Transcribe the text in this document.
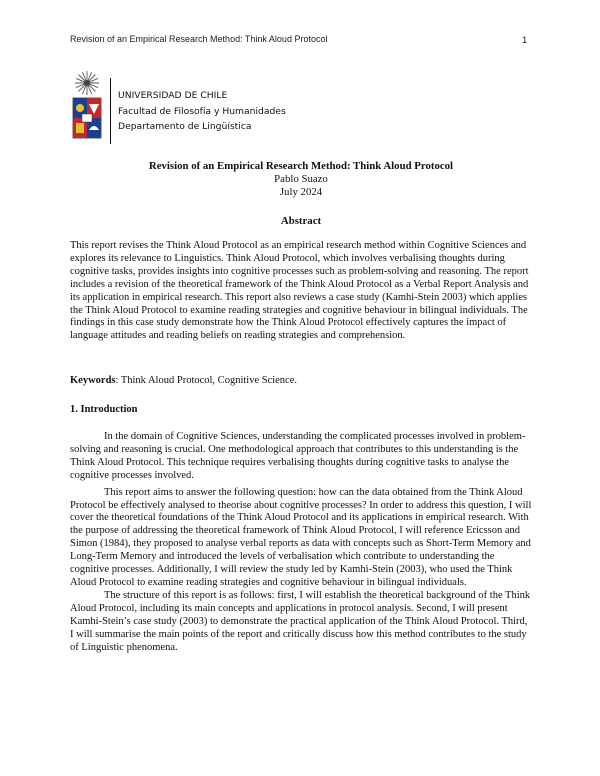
Revision of an Empirical Research Method: Think Aloud Protocol	1
UNIVERSIDAD DE CHILE
Facultad de Filosofía y Humanidades
Departamento de Lingüística
Revision of an Empirical Research Method: Think Aloud Protocol
Pablo Suazo
July 2024
Abstract

This report revises the Think Aloud Protocol as an empirical research method within Cognitive Sciences and explores its relevance to Linguistics. Think Aloud Protocol, which involves verbalising thoughts during cognitive tasks, provides insights into cognitive processes such as problem-solving and reasoning. The report includes a revision of the theoretical framework of the Think Aloud Protocol as a Verbal Report Analysis and its application in empirical research. This report also reviews a case study (Kamhi-Stein 2003) which applies the Think Aloud Protocol to examine reading strategies and cognitive behaviour in bilingual individuals. The findings in this case study demonstrate how the Think Aloud Protocol effectively captures the impact of language attitudes and reading beliefs on reading strategies and comprehension.

Keywords: Think Aloud Protocol, Cognitive Science.
1. Introduction

In the domain of Cognitive Sciences, understanding the complicated processes involved in problem-solving and reasoning is crucial. One methodological approach that contributes to this understanding is the Think Aloud Protocol. This technique requires verbalising thoughts during cognitive tasks to analyse the cognitive processes involved.

This report aims to answer the following question: how can the data obtained from the Think Aloud Protocol be effectively analysed to theorise about cognitive processes? In order to address this question, I will cover the theoretical foundations of the Think Aloud Protocol and its applications in empirical research. With the purpose of addressing the theoretical framework of Think Aloud Protocol, I will reference Ericsson and Simon (1984), they proposed to analyse verbal reports as data with concepts such as Short-Term Memory and Long-Term Memory and introduced the levels of verbalisation which contribute to understanding the cognitive processes. Additionally, I will review the study led by Kamhi-Stein (2003), who used the Think Aloud Protocol to examine reading strategies and cognitive behaviour in bilingual individuals.

The structure of this report is as follows: first, I will establish the theoretical background of the Think Aloud Protocol, including its main concepts and applications in protocol analysis. Second, I will present Kamhi-Stein’s case study (2003) to demonstrate the practical application of the Think Aloud Protocol. Third, I will summarise the main points of the report and critically discuss how this method contributes to the study of Linguistic phenomena.
